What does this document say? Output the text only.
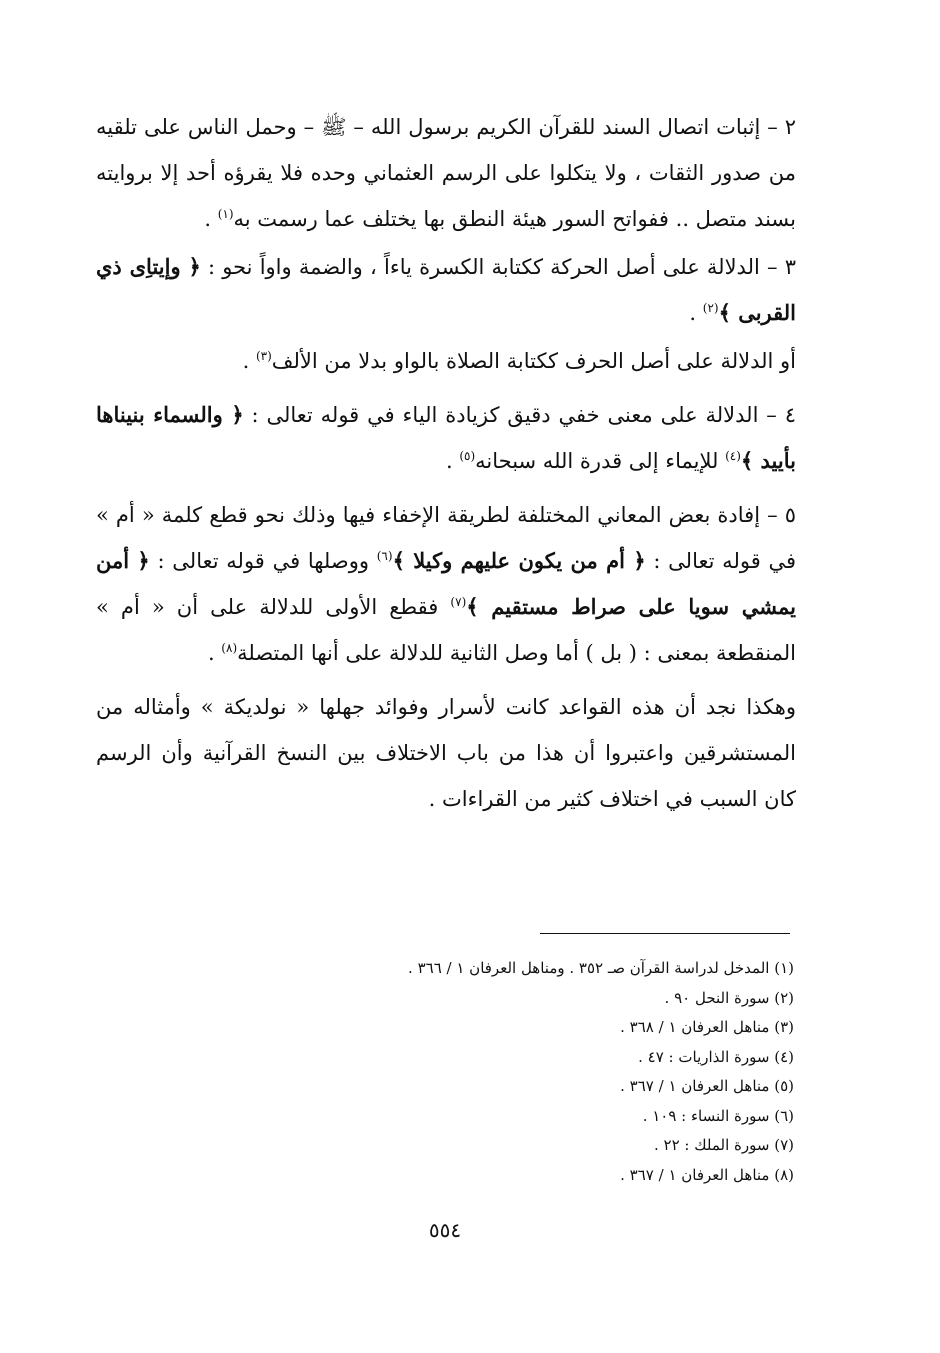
٢ – إثبات اتصال السند للقرآن الكريم برسول الله – ﷺ – وحمل الناس على تلقيه من صدور الثقات ، ولا يتكلوا على الرسم العثماني وحده فلا يقرؤه أحد إلا بروايته بسند متصل .. ففواتح السور هيئة النطق بها يختلف عما رسمت به$^{(١)}$ .

٣ – الدلالة على أصل الحركة ككتابة الكسرة ياءاً ، والضمة واواً نحو : ﴿ وإيتاِى ذي القربى ﴾$^{(٢)}$ .

أو الدلالة على أصل الحرف ككتابة الصلاة بالواو بدلا من الألف$^{(٣)}$ .

٤ – الدلالة على معنى خفي دقيق كزيادة الياء في قوله تعالى : ﴿ والسماء بنيناها بأييد ﴾$^{(٤)}$ للإيماء إلى قدرة الله سبحانه$^{(٥)}$ .

٥ – إفادة بعض المعاني المختلفة لطريقة الإخفاء فيها وذلك نحو قطع كلمة « أم » في قوله تعالى : ﴿ أم من يكون عليهم وكيلا ﴾$^{(٦)}$ ووصلها في قوله تعالى : ﴿ أمن يمشي سويا على صراط مستقيم ﴾$^{(٧)}$ فقطع الأولى للدلالة على أن « أم » المنقطعة بمعنى : ( بل ) أما وصل الثانية للدلالة على أنها المتصلة$^{(٨)}$ .

وهكذا نجد أن هذه القواعد كانت لأسرار وفوائد جهلها « نولديكة » وأمثاله من المستشرقين واعتبروا أن هذا من باب الاختلاف بين النسخ القرآنية وأن الرسم كان السبب في اختلاف كثير من القراءات .

(١) المدخل لدراسة القرآن صـ ٣٥٢ . ومناهل العرفان ١ / ٣٦٦ .
(٢) سورة النحل ٩٠ .
(٣) مناهل العرفان ١ / ٣٦٨ .
(٤) سورة الذاريات : ٤٧ .
(٥) مناهل العرفان ١ / ٣٦٧ .
(٦) سورة النساء : ١٠٩ .
(٧) سورة الملك : ٢٢ .
(٨) مناهل العرفان ١ / ٣٦٧ .
٥٥٤
